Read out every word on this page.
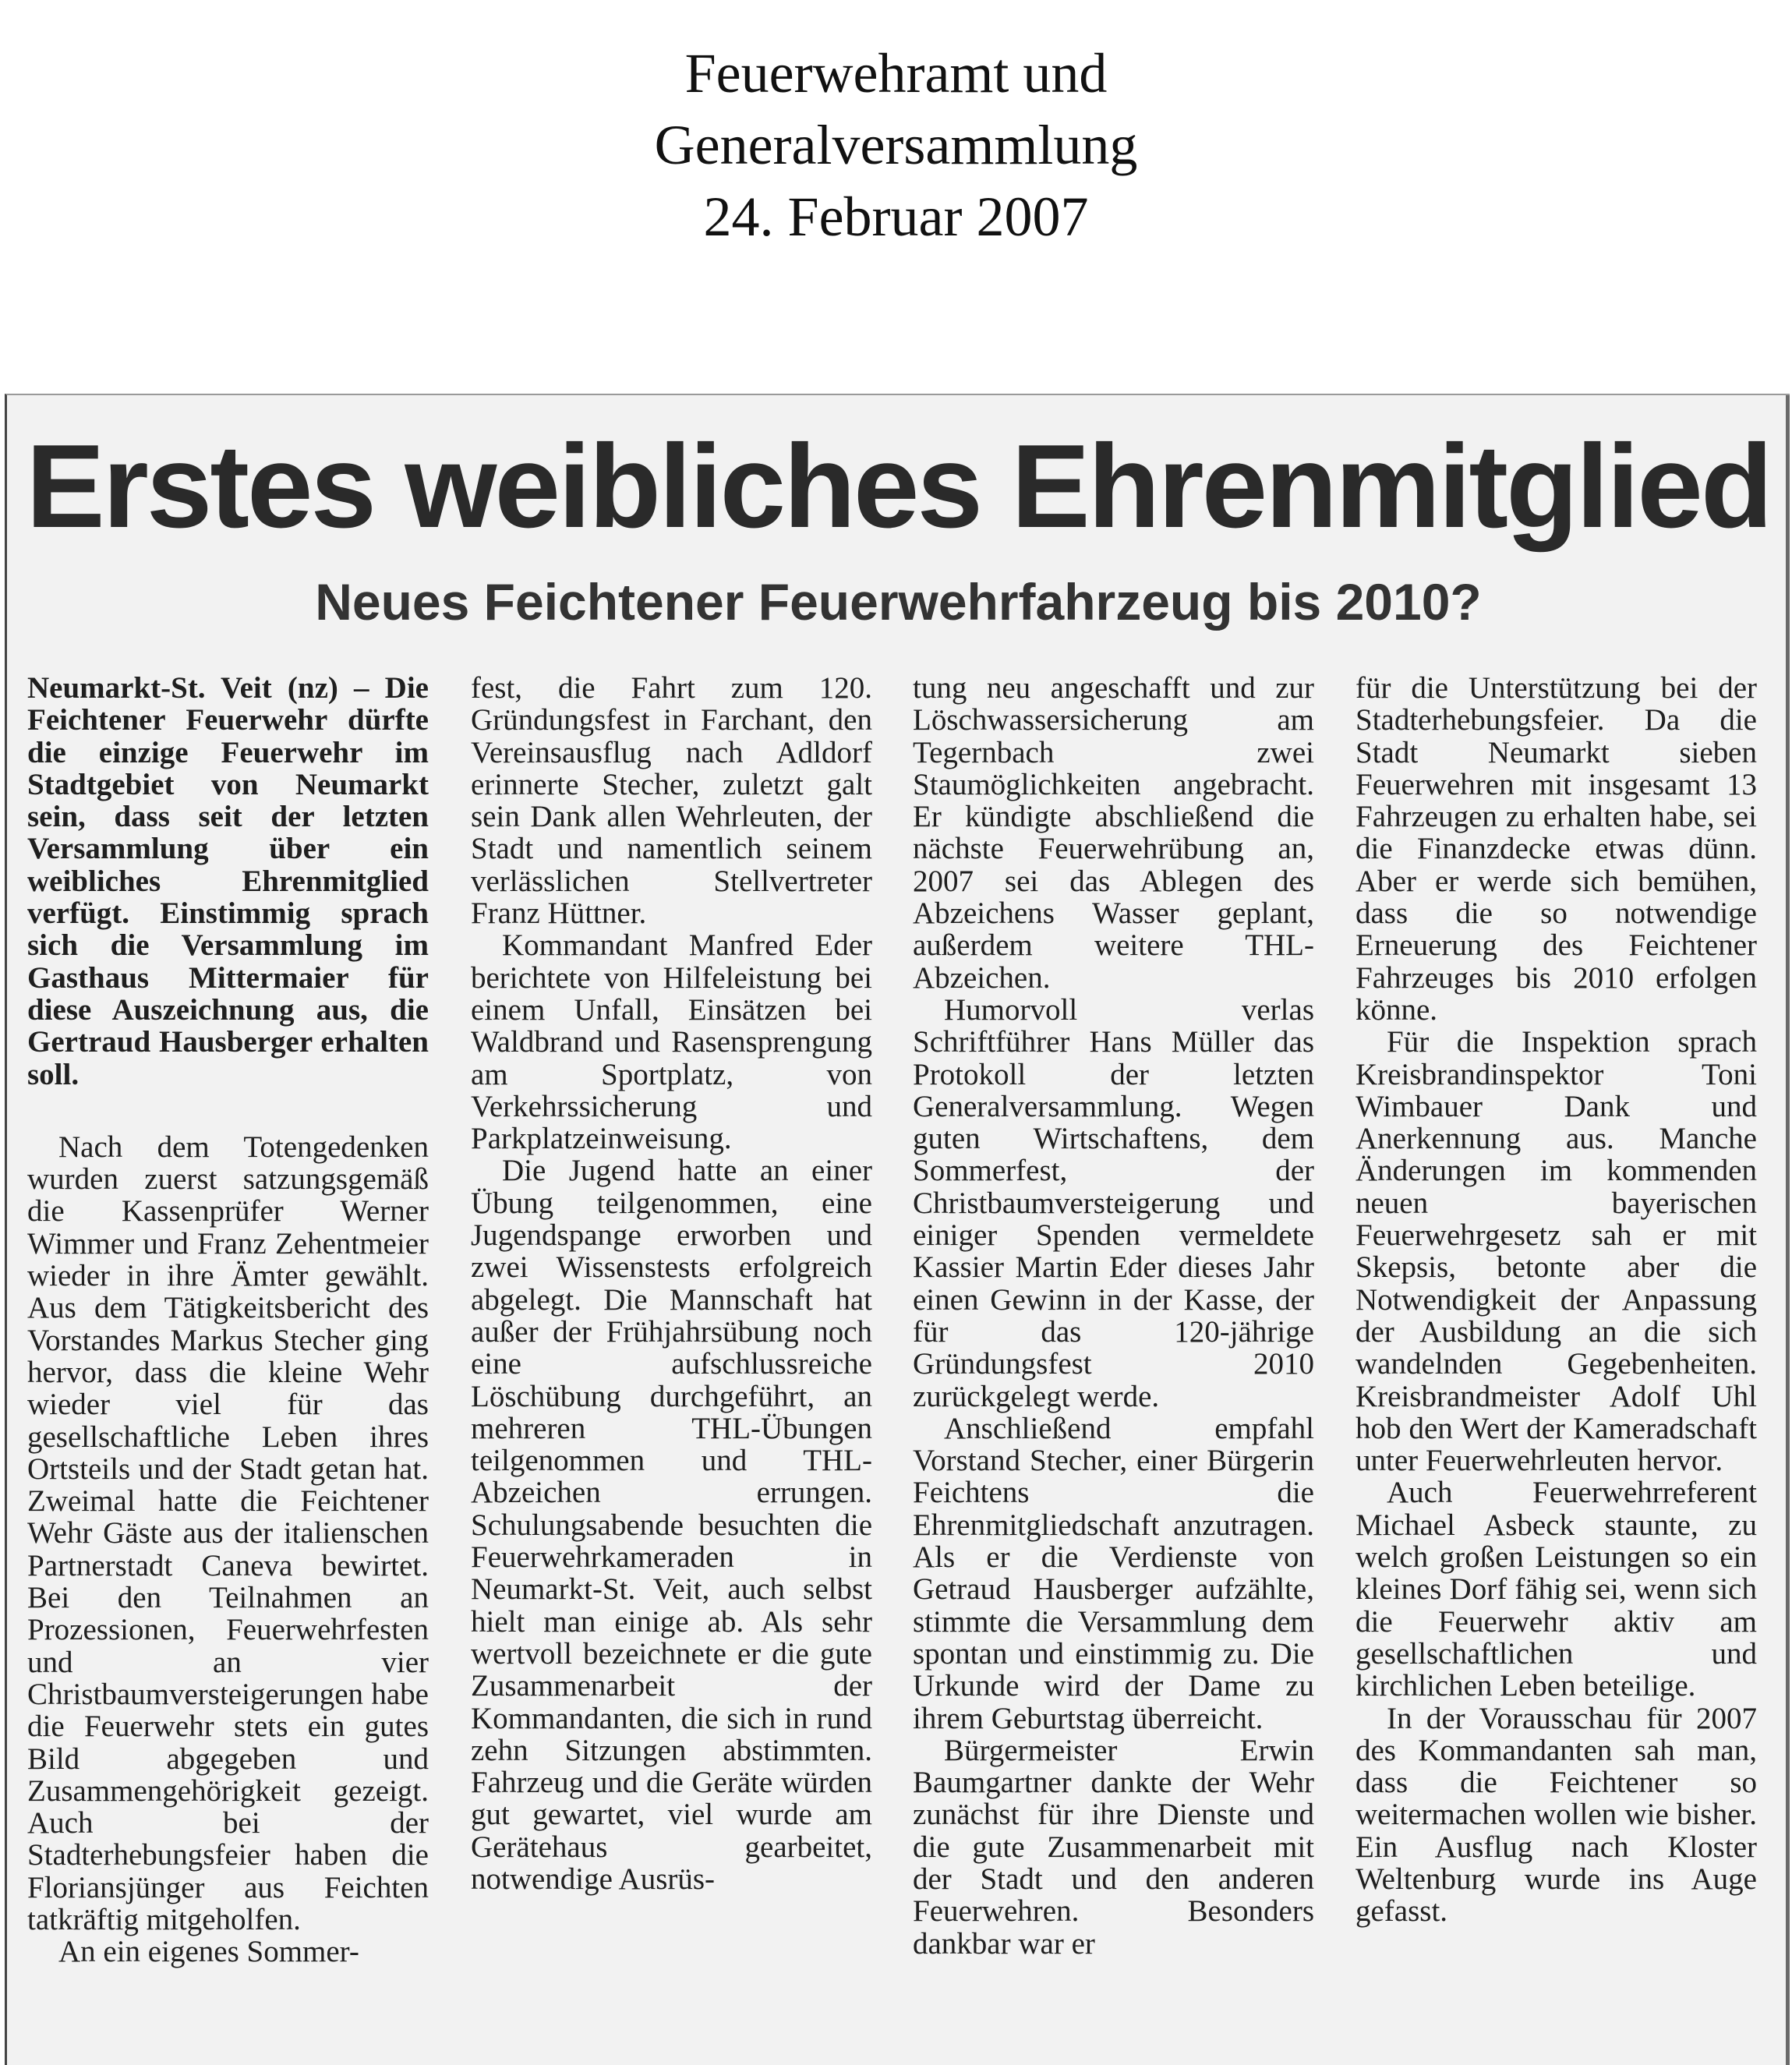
Feuerwehramt und
Generalversammlung
24. Februar 2007
Erstes weibliches Ehrenmitglied
Neues Feichtener Feuerwehrfahrzeug bis 2010?

Neumarkt-St. Veit (nz) – Die Feichtener Feuerwehr dürfte die einzige Feuerwehr im Stadtgebiet von Neumarkt sein, dass seit der letzten Versammlung über ein weibliches Ehrenmitglied verfügt. Einstimmig sprach sich die Versammlung im Gasthaus Mittermaier für diese Auszeichnung aus, die Gertraud Hausberger erhalten soll.

Nach dem Totengedenken wurden zuerst satzungsgemäß die Kassenprüfer Werner Wimmer und Franz Zehentmeier wieder in ihre Ämter gewählt. Aus dem Tätigkeitsbericht des Vorstandes Markus Stecher ging hervor, dass die kleine Wehr wieder viel für das gesellschaftliche Leben ihres Ortsteils und der Stadt getan hat. Zweimal hatte die Feichtener Wehr Gäste aus der italienschen Partnerstadt Caneva bewirtet. Bei den Teilnahmen an Prozessionen, Feuerwehrfesten und an vier Christbaumversteigerungen habe die Feuerwehr stets ein gutes Bild abgegeben und Zusammengehörigkeit gezeigt. Auch bei der Stadterhebungsfeier haben die Floriansjünger aus Feichten tatkräftig mitgeholfen.

An ein eigenes Sommer-

fest, die Fahrt zum 120. Gründungsfest in Farchant, den Vereinsausflug nach Adldorf erinnerte Stecher, zuletzt galt sein Dank allen Wehrleuten, der Stadt und namentlich seinem verlässlichen Stellvertreter Franz Hüttner.

Kommandant Manfred Eder berichtete von Hilfeleistung bei einem Unfall, Einsätzen bei Waldbrand und Rasensprengung am Sportplatz, von Verkehrssicherung und Parkplatzeinweisung.

Die Jugend hatte an einer Übung teilgenommen, eine Jugendspange erworben und zwei Wissenstests erfolgreich abgelegt. Die Mannschaft hat außer der Frühjahrsübung noch eine aufschlussreiche Löschübung durchgeführt, an mehreren THL-Übungen teilgenommen und THL-Abzeichen errungen. Schulungsabende besuchten die Feuerwehrkameraden in Neumarkt-St. Veit, auch selbst hielt man einige ab. Als sehr wertvoll bezeichnete er die gute Zusammenarbeit der Kommandanten, die sich in rund zehn Sitzungen abstimmten. Fahrzeug und die Geräte würden gut gewartet, viel wurde am Gerätehaus gearbeitet, notwendige Ausrüs-

tung neu angeschafft und zur Löschwassersicherung am Tegernbach zwei Staumöglichkeiten angebracht. Er kündigte abschließend die nächste Feuerwehrübung an, 2007 sei das Ablegen des Abzeichens Wasser geplant, außerdem weitere THL-Abzeichen.

Humorvoll verlas Schriftführer Hans Müller das Protokoll der letzten Generalversammlung. Wegen guten Wirtschaftens, dem Sommerfest, der Christbaumversteigerung und einiger Spenden vermeldete Kassier Martin Eder dieses Jahr einen Gewinn in der Kasse, der für das 120-jährige Gründungsfest 2010 zurückgelegt werde.

Anschließend empfahl Vorstand Stecher, einer Bürgerin Feichtens die Ehrenmitgliedschaft anzutragen. Als er die Verdienste von Getraud Hausberger aufzählte, stimmte die Versammlung dem spontan und einstimmig zu. Die Urkunde wird der Dame zu ihrem Geburtstag überreicht.

Bürgermeister Erwin Baumgartner dankte der Wehr zunächst für ihre Dienste und die gute Zusammenarbeit mit der Stadt und den anderen Feuerwehren. Besonders dankbar war er

für die Unterstützung bei der Stadterhebungsfeier. Da die Stadt Neumarkt sieben Feuerwehren mit insgesamt 13 Fahrzeugen zu erhalten habe, sei die Finanzdecke etwas dünn. Aber er werde sich bemühen, dass die so notwendige Erneuerung des Feichtener Fahrzeuges bis 2010 erfolgen könne.

Für die Inspektion sprach Kreisbrandinspektor Toni Wimbauer Dank und Anerkennung aus. Manche Änderungen im kommenden neuen bayerischen Feuerwehrgesetz sah er mit Skepsis, betonte aber die Notwendigkeit der Anpassung der Ausbildung an die sich wandelnden Gegebenheiten. Kreisbrandmeister Adolf Uhl hob den Wert der Kameradschaft unter Feuerwehrleuten hervor.

Auch Feuerwehrreferent Michael Asbeck staunte, zu welch großen Leistungen so ein kleines Dorf fähig sei, wenn sich die Feuerwehr aktiv am gesellschaftlichen und kirchlichen Leben beteilige.

In der Vorausschau für 2007 des Kommandanten sah man, dass die Feichtener so weitermachen wollen wie bisher. Ein Ausflug nach Kloster Weltenburg wurde ins Auge gefasst.
